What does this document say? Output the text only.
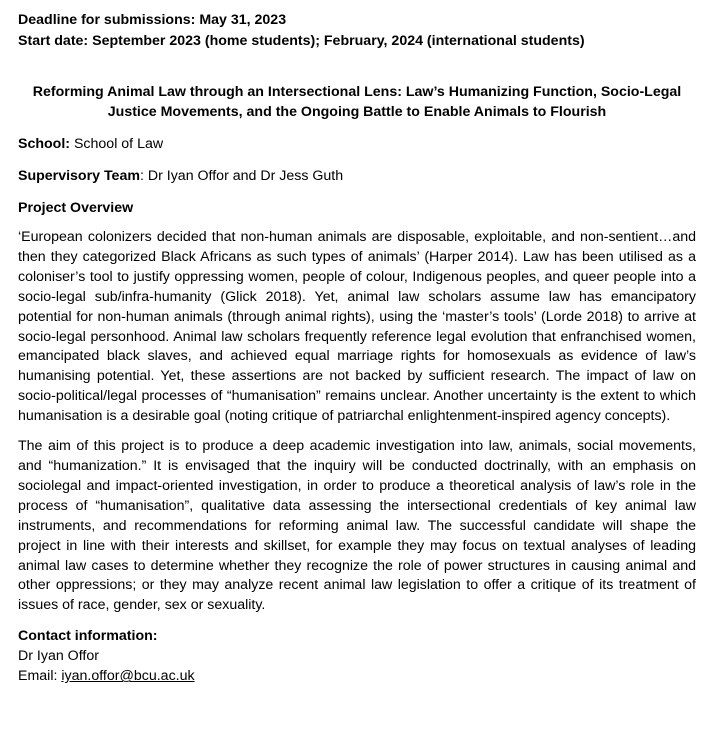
Deadline for submissions: May 31, 2023

Start date: September 2023 (home students); February, 2024 (international students)

Reforming Animal Law through an Intersectional Lens: Law’s Humanizing Function, Socio-Legal Justice Movements, and the Ongoing Battle to Enable Animals to Flourish

School: School of Law

Supervisory Team: Dr Iyan Offor and Dr Jess Guth

Project Overview

‘European colonizers decided that non-human animals are disposable, exploitable, and non-sentient…and then they categorized Black Africans as such types of animals’ (Harper 2014). Law has been utilised as a coloniser’s tool to justify oppressing women, people of colour, Indigenous peoples, and queer people into a socio-legal sub/infra-humanity (Glick 2018). Yet, animal law scholars assume law has emancipatory potential for non-human animals (through animal rights), using the ‘master’s tools’ (Lorde 2018) to arrive at socio-legal personhood. Animal law scholars frequently reference legal evolution that enfranchised women, emancipated black slaves, and achieved equal marriage rights for homosexuals as evidence of law’s humanising potential. Yet, these assertions are not backed by sufficient research. The impact of law on socio-political/legal processes of “humanisation” remains unclear. Another uncertainty is the extent to which humanisation is a desirable goal (noting critique of patriarchal enlightenment-inspired agency concepts).

The aim of this project is to produce a deep academic investigation into law, animals, social movements, and “humanization.” It is envisaged that the inquiry will be conducted doctrinally, with an emphasis on sociolegal and impact-oriented investigation, in order to produce a theoretical analysis of law’s role in the process of “humanisation”, qualitative data assessing the intersectional credentials of key animal law instruments, and recommendations for reforming animal law. The successful candidate will shape the project in line with their interests and skillset, for example they may focus on textual analyses of leading animal law cases to determine whether they recognize the role of power structures in causing animal and other oppressions; or they may analyze recent animal law legislation to offer a critique of its treatment of issues of race, gender, sex or sexuality.

Contact information:

Dr Iyan Offor

Email: iyan.offor@bcu.ac.uk
